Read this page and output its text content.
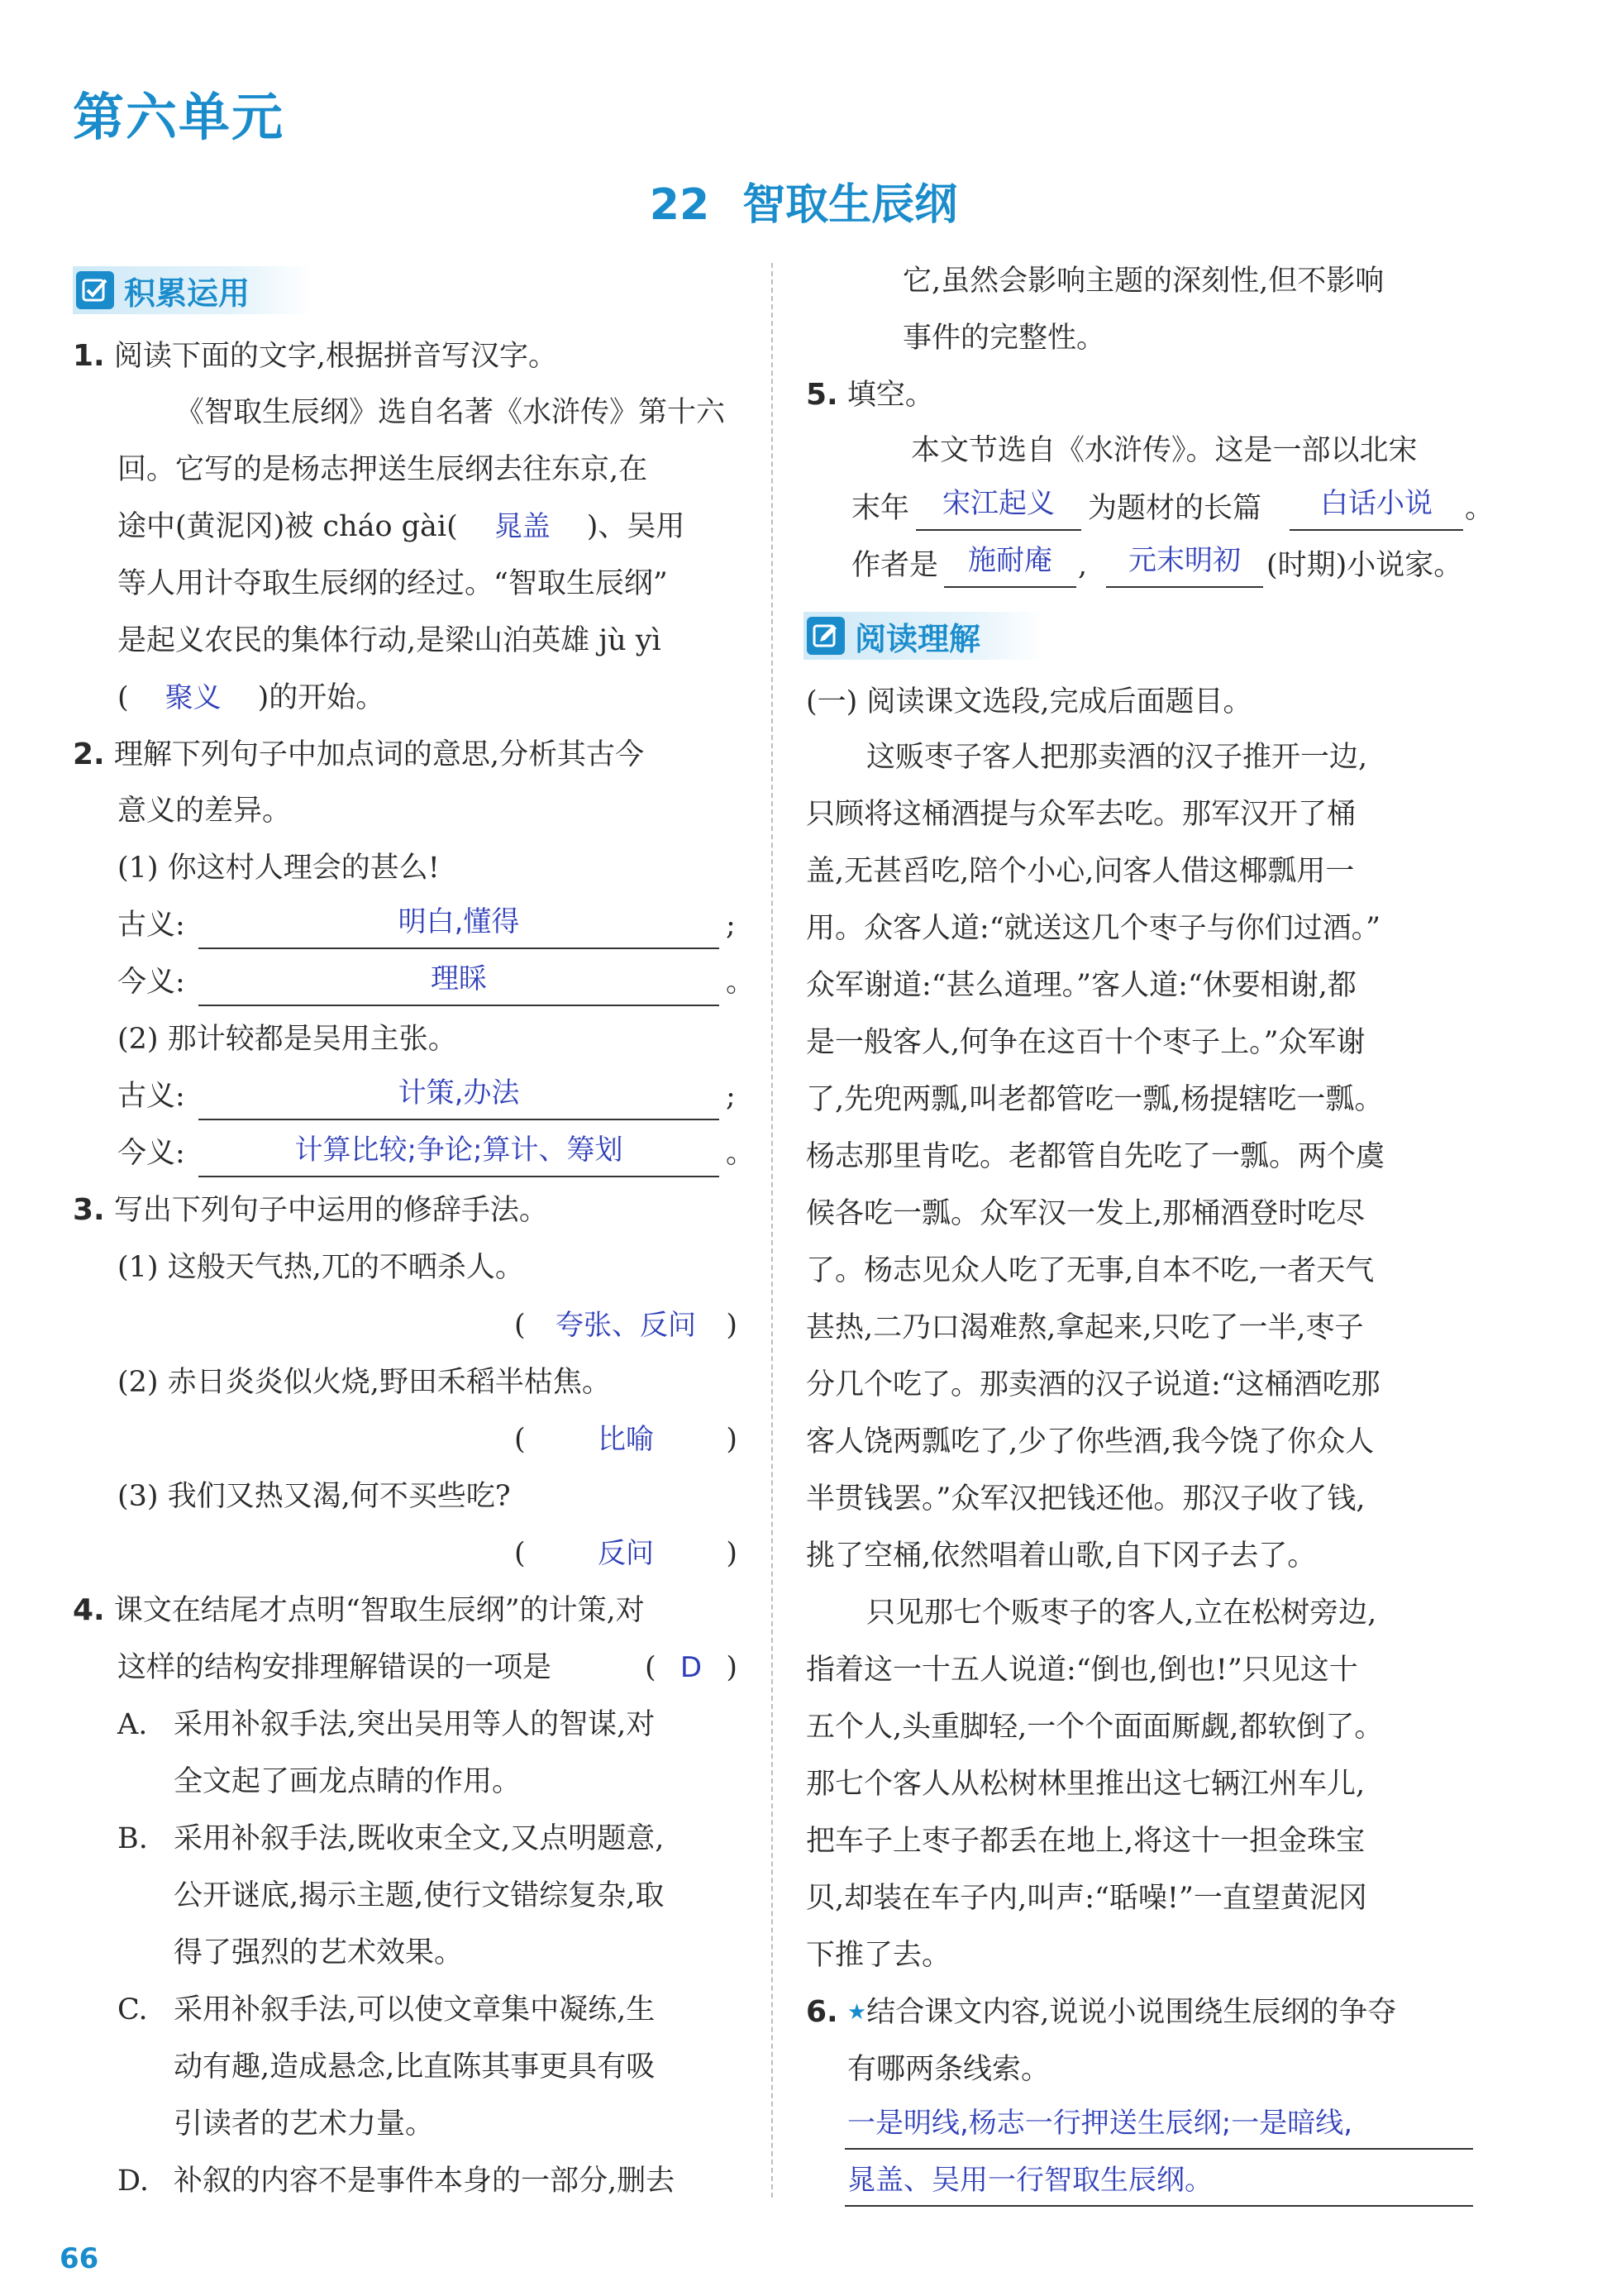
第六单元
22 智取生辰纲
积累运用
1. 阅读下面的文字,根据拼音写汉字。
《智取生辰纲》选自名著《水浒传》第十六
回。它写的是杨志押送生辰纲去往东京,在
途中(黄泥冈)被 cháo gài( 晁盖 )、吴用
等人用计夺取生辰纲的经过。“智取生辰纲”
是起义农民的集体行动,是梁山泊英雄 jù yì
( 聚义 )的开始。
2. 理解下列句子中加点词的意思,分析其古今
意义的差异。
(1) 你这村人理会的甚么!
古义:	明白,懂得	;
今义:	理睬	。
(2) 那计较都是吴用主张。
古义:	计策,办法	;
今义:	计算比较;争论;算计、筹划	。
3. 写出下列句子中运用的修辞手法。
(1) 这般天气热,兀的不晒杀人。
( 夸张、反问 )
(2) 赤日炎炎似火烧,野田禾稻半枯焦。
(	比喻	)
(3) 我们又热又渴,何不买些吃?
(	反问	)
4. 课文在结尾才点明“智取生辰纲”的计策,对
这样的结构安排理解错误的一项是	( D )
A. 采用补叙手法,突出吴用等人的智谋,对
全文起了画龙点睛的作用。
B. 采用补叙手法,既收束全文,又点明题意,
公开谜底,揭示主题,使行文错综复杂,取
得了强烈的艺术效果。
C. 采用补叙手法,可以使文章集中凝练,生
动有趣,造成悬念,比直陈其事更具有吸
引读者的艺术力量。
D. 补叙的内容不是事件本身的一部分,删去
它,虽然会影响主题的深刻性,但不影响
事件的完整性。
5. 填空。
本文节选自《水浒传》。这是一部以北宋
末年	宋江起义	为题材的长篇	白话小说	。
作者是	施耐庵 ,	元末明初 (时期)小说家。
阅读理解
(一) 阅读课文选段,完成后面题目。
这贩枣子客人把那卖酒的汉子推开一边,
只顾将这桶酒提与众军去吃。那军汉开了桶
盖,无甚舀吃,陪个小心,问客人借这椰瓢用一
用。众客人道:“就送这几个枣子与你们过酒。”
众军谢道:“甚么道理。”客人道:“休要相谢,都
是一般客人,何争在这百十个枣子上。”众军谢
了,先兜两瓢,叫老都管吃一瓢,杨提辖吃一瓢。
杨志那里肯吃。老都管自先吃了一瓢。两个虞
候各吃一瓢。众军汉一发上,那桶酒登时吃尽
了。杨志见众人吃了无事,自本不吃,一者天气
甚热,二乃口渴难熬,拿起来,只吃了一半,枣子
分几个吃了。那卖酒的汉子说道:“这桶酒吃那
客人饶两瓢吃了,少了你些酒,我今饶了你众人
半贯钱罢。”众军汉把钱还他。那汉子收了钱,
挑了空桶,依然唱着山歌,自下冈子去了。
只见那七个贩枣子的客人,立在松树旁边,
指着这一十五人说道:“倒也,倒也!”只见这十
五个人,头重脚轻,一个个面面厮觑,都软倒了。
那七个客人从松树林里推出这七辆江州车儿,
把车子上枣子都丢在地上,将这十一担金珠宝
贝,却装在车子内,叫声:“聒噪!”一直望黄泥冈
下推了去。
6. ★结合课文内容,说说小说围绕生辰纲的争夺
有哪两条线索。
一是明线,杨志一行押送生辰纲;一是暗线,
晁盖、吴用一行智取生辰纲。
66
